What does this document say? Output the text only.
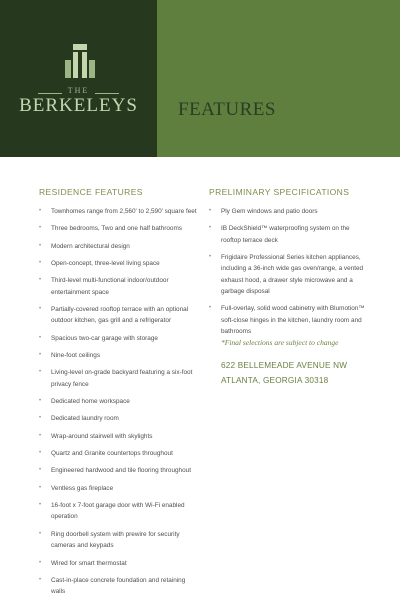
THE
BERKELEYS	FEATURES
RESIDENCE FEATURES
• Townhomes range from 2,560' to 2,590' square feet
• Three bedrooms, Two and one half bathrooms
• Modern architectural design
• Open-concept, three-level living space
• Third-level multi-functional indoor/outdoor entertainment space
• Partially-covered rooftop terrace with an optional outdoor kitchen, gas grill and a refrigerator
• Spacious two-car garage with storage
• Nine-foot ceilings
• Living-level on-grade backyard featuring a six-foot privacy fence
• Dedicated home workspace
• Dedicated laundry room
• Wrap-around stairwell with skylights
• Quartz and Granite countertops throughout
• Engineered hardwood and tile flooring throughout
• Ventless gas fireplace
• 16-foot x 7-foot garage door with Wi-Fi enabled operation
• Ring doorbell system with prewire for security cameras and keypads
• Wired for smart thermostat
• Cast-in-place concrete foundation and retaining walls
PRELIMINARY SPECIFICATIONS
• Ply Gem windows and patio doors
• IB DeckShield™ waterproofing system on the rooftop terrace deck
• Frigidaire Professional Series kitchen appliances, including a 36-inch wide gas oven/range, a vented exhaust hood, a drawer style microwave and a garbage disposal
• Full-overlay, solid wood cabinetry with Blumotion™ soft-close hinges in the kitchen, laundry room and bathrooms
*Final selections are subject to change
622 BELLEMEADE AVENUE NW
ATLANTA, GEORGIA 30318
